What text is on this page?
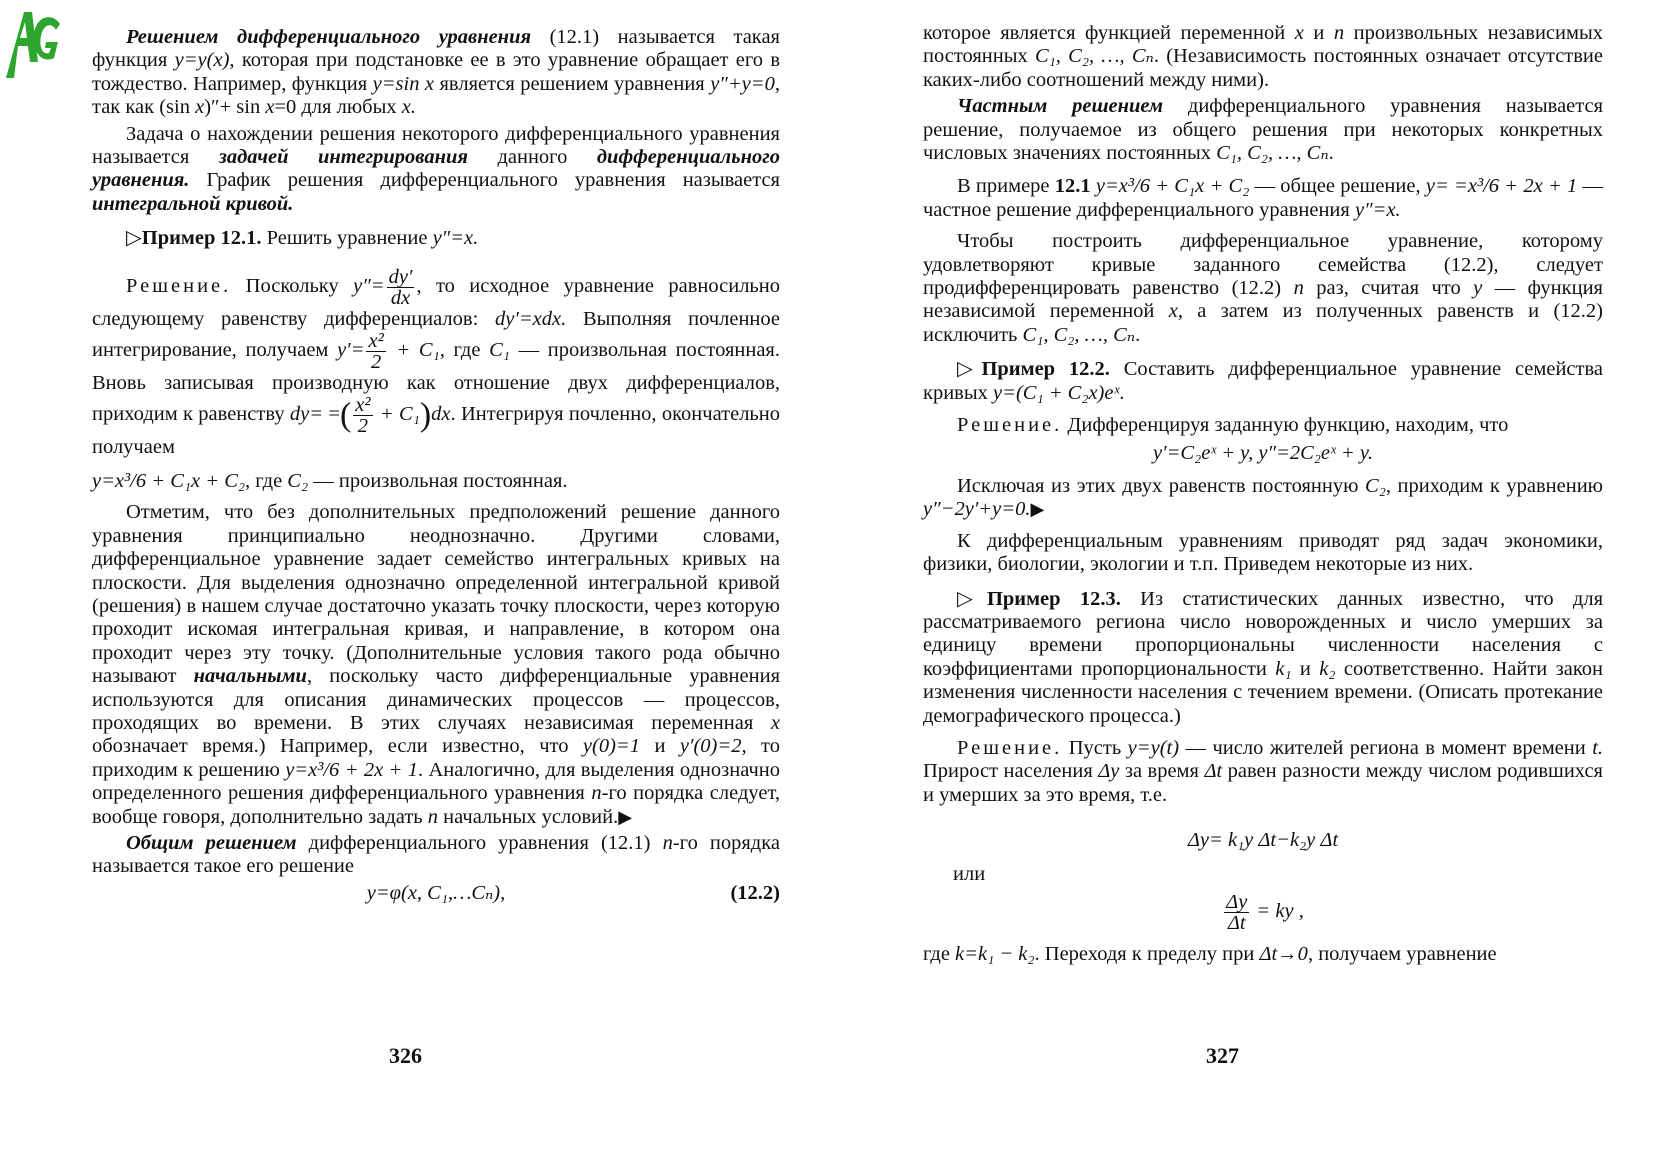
Решением дифференциального уравнения (12.1) называется такая функция y=y(x), которая при подстановке ее в это уравнение обращает его в тождество. Например, функция y=sin x является решением уравнения y″+y=0, так как (sin x)″+ sin x=0 для любых x.

Задача о нахождении решения некоторого дифференциального уравнения называется задачей интегрирования данного дифференциального уравнения. График решения дифференциального уравнения называется интегральной кривой.

▷Пример 12.1. Решить уравнение y″=x.

Решение. Поскольку $y''= \frac{dy'}{dx}$ , то исходное уравнение равносильно следующему равенству дифференциалов: dy′=xdx. Выполняя почленное интегрирование, получаем $y'= \frac{\text{x²}}{2} + C_1$, где C₁ — произвольная постоянная. Вновь записывая производную как отношение двух дифференциалов, приходим к равенству dy= =( $\frac{\text{x²}}{2} + C_1)dx$. Интегрируя почленно, окончательно получаем

y=x³/6 + C₁x + C₂, где C₂ — произвольная постоянная.

Отметим, что без дополнительных предположений решение данного уравнения принципиально неоднозначно. Другими словами, дифференциальное уравнение задает семейство интегральных кривых на плоскости. Для выделения однозначно определенной интегральной кривой (решения) в нашем случае достаточно указать точку плоскости, через которую проходит искомая интегральная кривая, и направление, в котором она проходит через эту точку. (Дополнительные условия такого рода обычно называют начальными, поскольку часто дифференциальные уравнения используются для описания динамических процессов — процессов, проходящих во времени. В этих случаях независимая переменная x обозначает время.) Например, если известно, что y(0)=1 и y′(0)=2, то приходим к решению y=x³/6 + 2x + 1. Аналогично, для выделения однозначно определенного решения дифференциального уравнения n-го порядка следует, вообще говоря, дополнительно задать n начальных условий.▶

Общим решением дифференциального уравнения (12.1) n-го порядка называется такое его решение

y=φ(x, C₁,…Cₙ),	(12.2)
326

которое является функцией переменной x и n произвольных независимых постоянных C₁, C₂, …, Cₙ. (Независимость постоянных означает отсутствие каких-либо соотношений между ними).

Частным решением дифференциального уравнения называется решение, получаемое из общего решения при некоторых конкретных числовых значениях постоянных C₁, C₂, …, Cₙ.

В примере 12.1 y=x³/6 + C₁x + C₂ — общее решение, y= =x³/6 + 2x + 1 — частное решение дифференциального уравнения y″=x.

Чтобы построить дифференциальное уравнение, которому удовлетворяют кривые заданного семейства (12.2), следует продифференцировать равенство (12.2) n раз, считая что y — функция независимой переменной x, а затем из полученных равенств и (12.2) исключить C₁, C₂, …, Cₙ.

▷Пример 12.2. Составить дифференциальное уравнение семейства кривых y=(C₁ + C₂x)eˣ.

Решение. Дифференцируя заданную функцию, находим, что

y′=C₂eˣ + y, y″=2C₂eˣ + y.

Исключая из этих двух равенств постоянную C₂, приходим к уравнению y″−2y′+y=0.▶

К дифференциальным уравнениям приводят ряд задач экономики, физики, биологии, экологии и т.п. Приведем некоторые из них.

▷Пример 12.3. Из статистических данных известно, что для рассматриваемого региона число новорожденных и число умерших за единицу времени пропорциональны численности населения с коэффициентами пропорциональности k₁ и k₂ соответственно. Найти закон изменения численности населения с течением времени. (Описать протекание демографического процесса.)

Решение. Пусть y=y(t) — число жителей региона в момент времени t. Прирост населения Δy за время Δt равен разности между числом родившихся и умерших за это время, т.е.

Δy= k₁y Δt−k₂y Δt

или

$\frac{\Delta y}{\Delta t}$ = ky ,

где k=k₁ − k₂. Переходя к пределу при Δt→0, получаем уравнение

327
